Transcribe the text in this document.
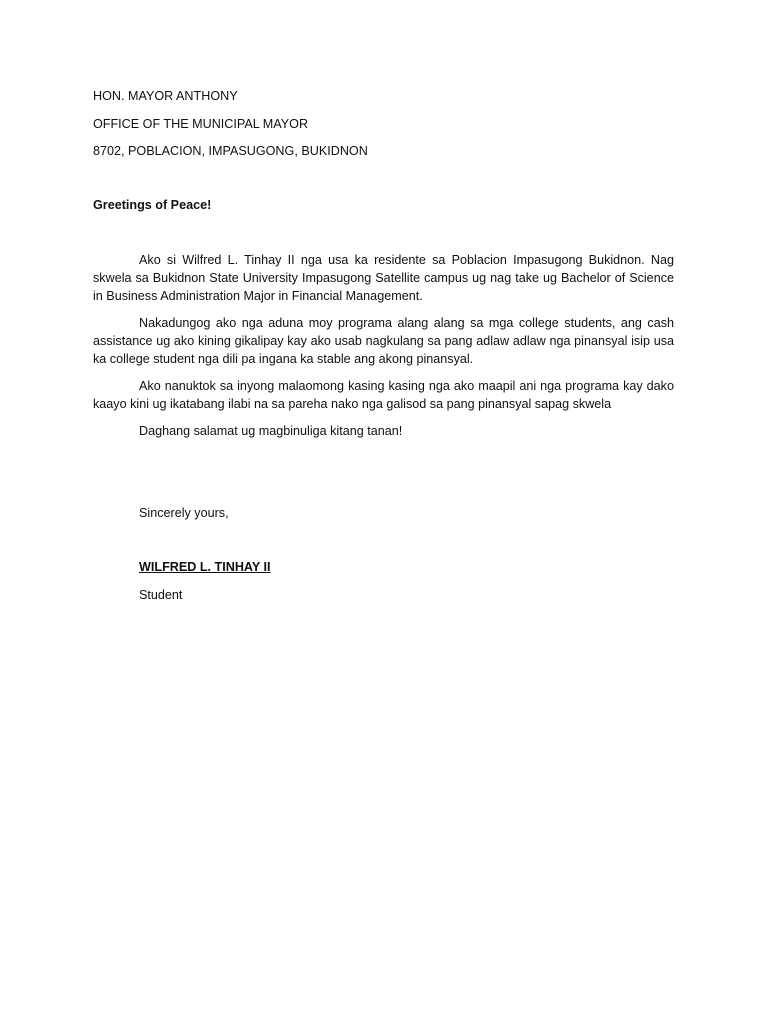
HON. MAYOR ANTHONY
OFFICE OF THE MUNICIPAL MAYOR
8702, POBLACION, IMPASUGONG, BUKIDNON
Greetings of Peace!
Ako si Wilfred L. Tinhay II nga usa ka residente sa Poblacion Impasugong Bukidnon. Nag skwela sa Bukidnon State University Impasugong Satellite campus ug nag take ug Bachelor of Science in Business Administration Major in Financial Management.
Nakadungog ako nga aduna moy programa alang alang sa mga college students, ang cash assistance ug ako kining gikalipay kay ako usab nagkulang sa pang adlaw adlaw nga pinansyal isip usa ka college student nga dili pa ingana ka stable ang akong pinansyal.
Ako nanuktok sa inyong malaomong kasing kasing nga ako maapil ani nga programa kay dako kaayo kini ug ikatabang ilabi na sa pareha nako nga galisod sa pang pinansyal sapag skwela
Daghang salamat ug magbinuliga kitang tanan!
Sincerely yours,
WILFRED L. TINHAY II
Student
